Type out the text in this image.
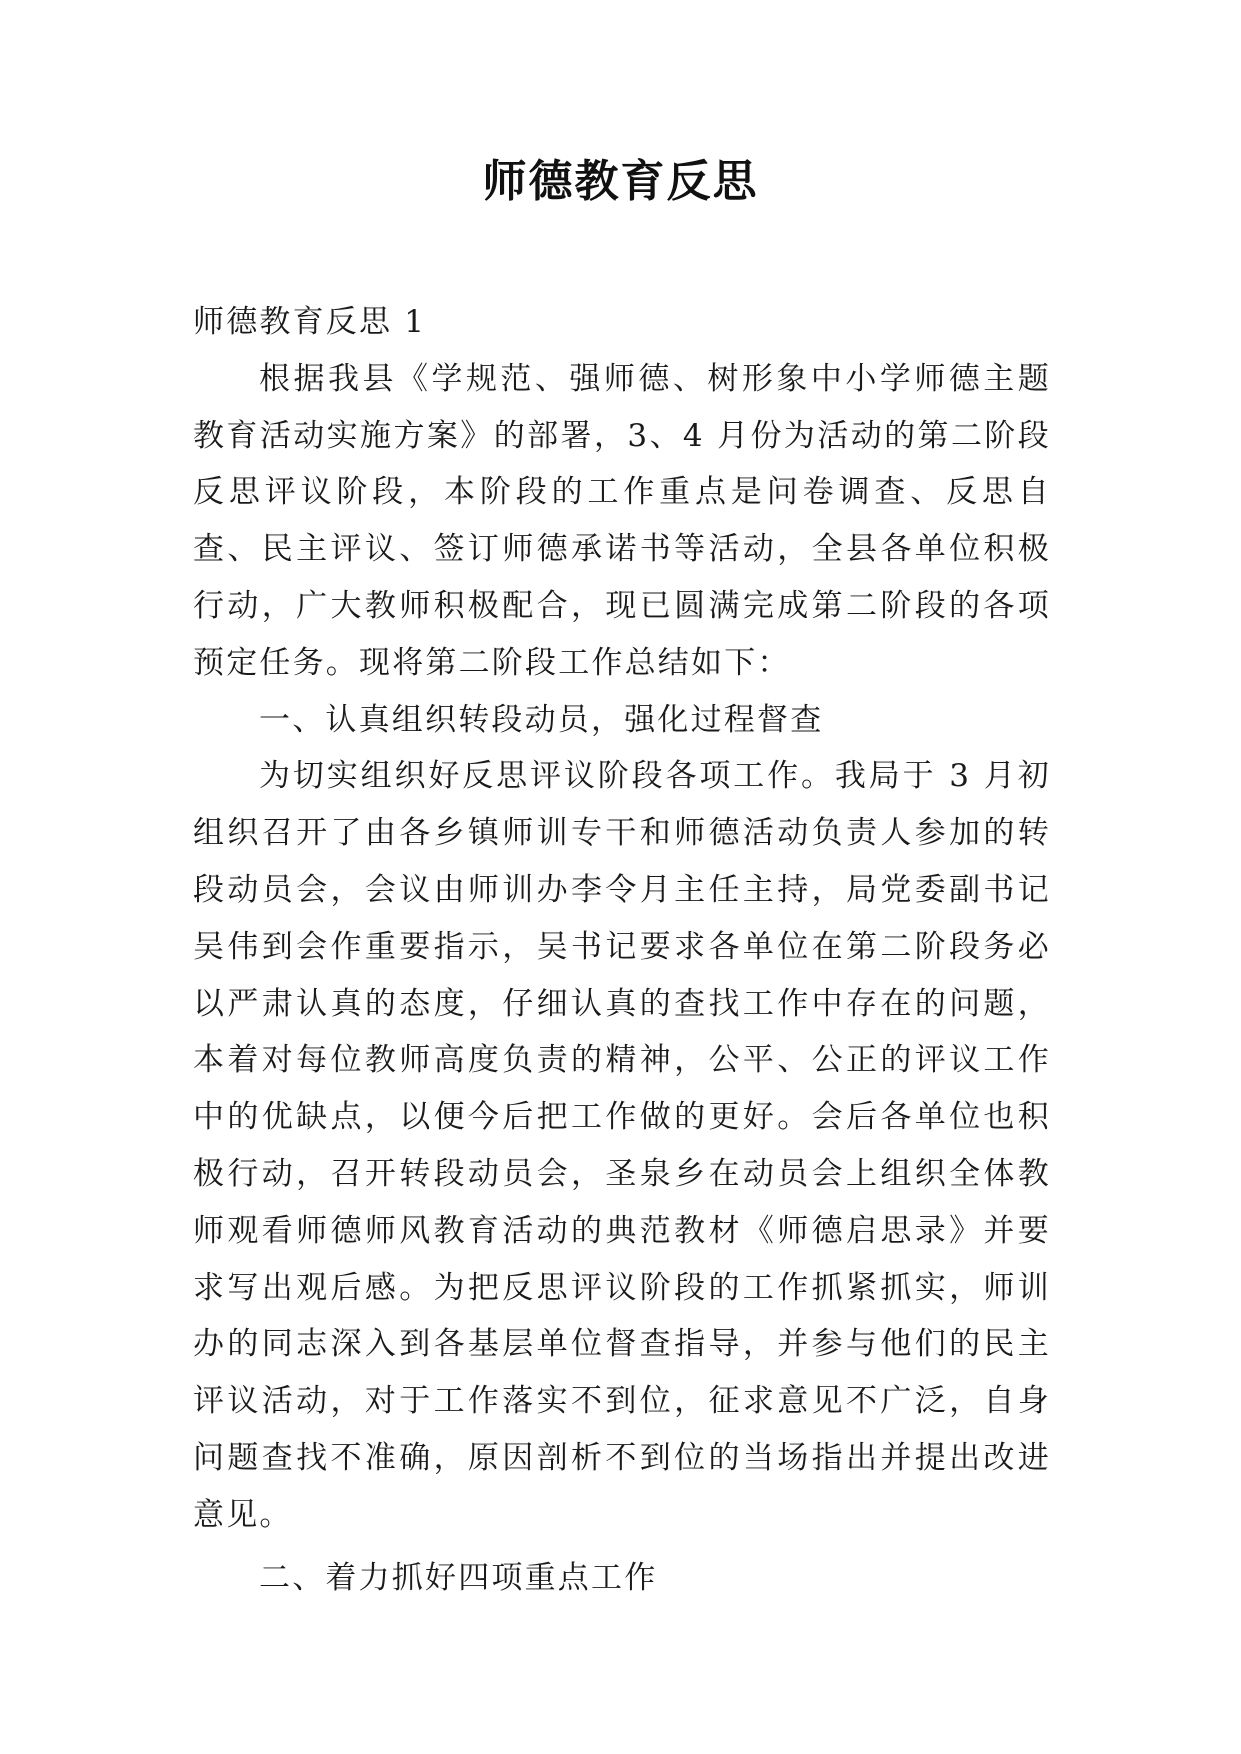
师德教育反思

师德教育反思 1

根据我县《学规范、强师德、树形象中小学师德主题教育活动实施方案》的部署，3、4 月份为活动的第二阶段反思评议阶段，本阶段的工作重点是问卷调查、反思自查、民主评议、签订师德承诺书等活动，全县各单位积极行动，广大教师积极配合，现已圆满完成第二阶段的各项预定任务。现将第二阶段工作总结如下：

一、认真组织转段动员，强化过程督查

为切实组织好反思评议阶段各项工作。我局于 3 月初组织召开了由各乡镇师训专干和师德活动负责人参加的转段动员会，会议由师训办李令月主任主持，局党委副书记吴伟到会作重要指示，吴书记要求各单位在第二阶段务必以严肃认真的态度，仔细认真的查找工作中存在的问题，本着对每位教师高度负责的精神，公平、公正的评议工作中的优缺点，以便今后把工作做的更好。会后各单位也积极行动，召开转段动员会，圣泉乡在动员会上组织全体教师观看师德师风教育活动的典范教材《师德启思录》并要求写出观后感。为把反思评议阶段的工作抓紧抓实，师训办的同志深入到各基层单位督查指导，并参与他们的民主评议活动，对于工作落实不到位，征求意见不广泛，自身问题查找不准确，原因剖析不到位的当场指出并提出改进意见。

二、着力抓好四项重点工作
